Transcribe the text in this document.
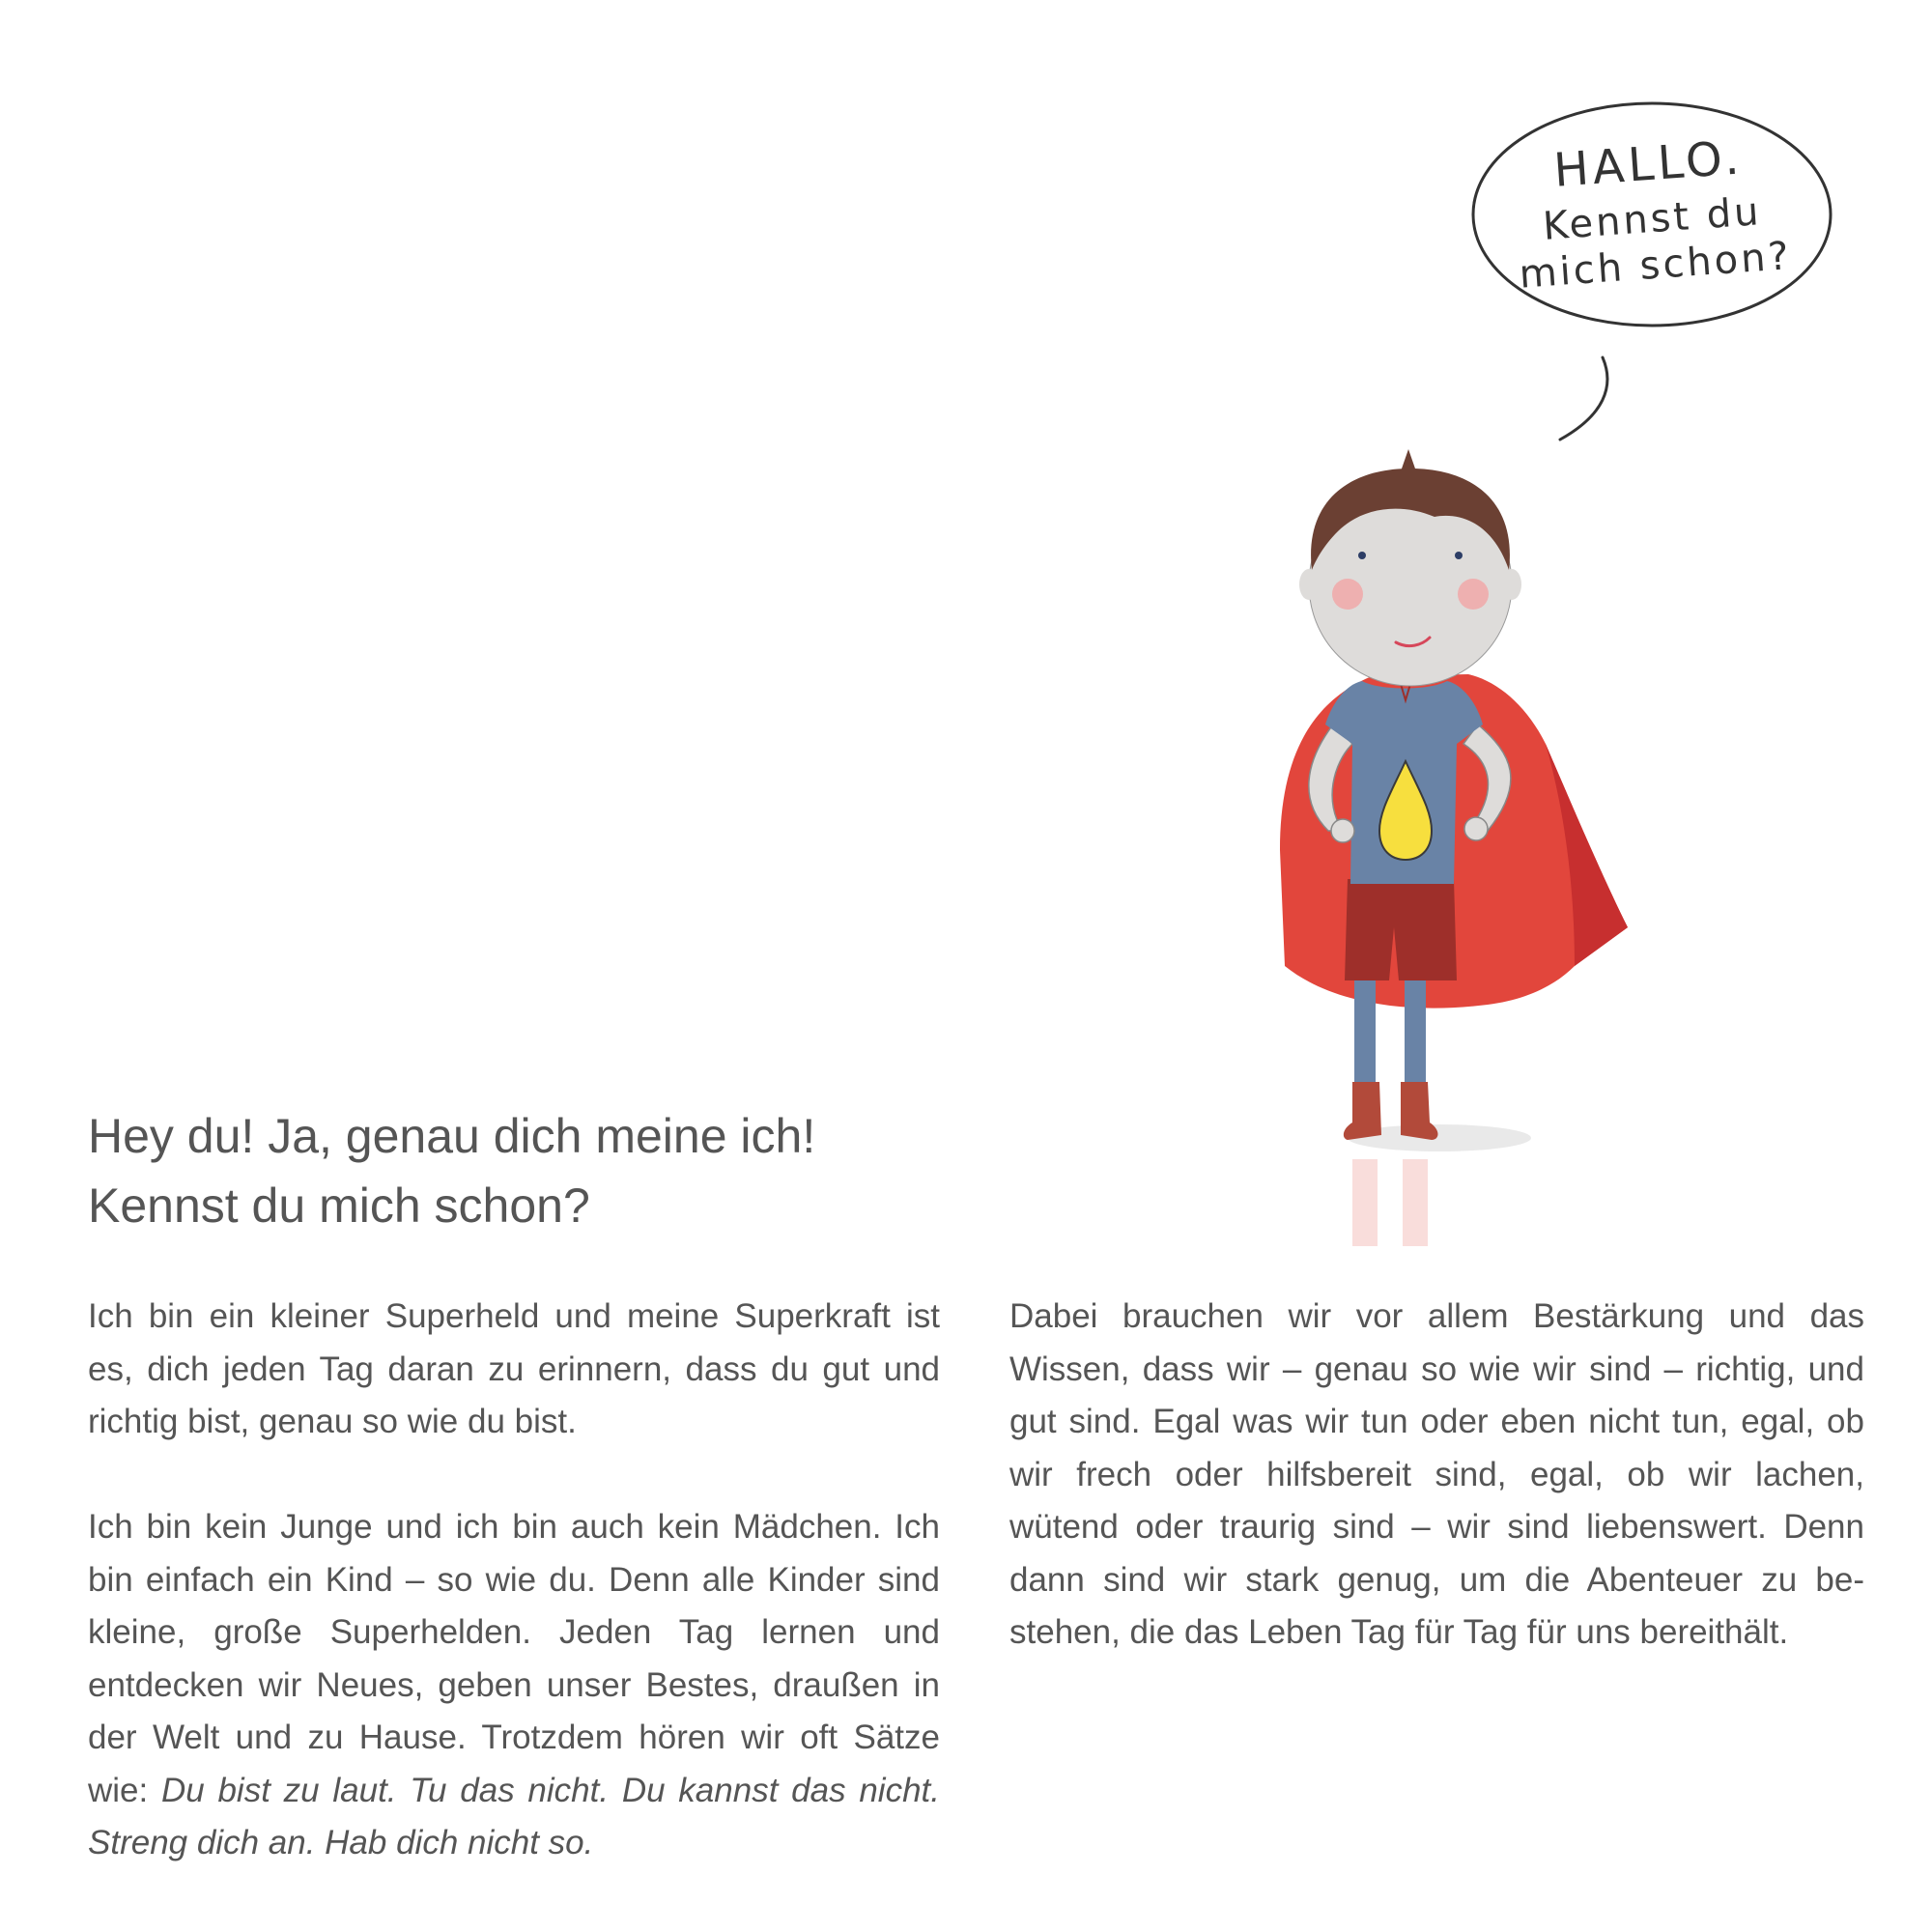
HALLO.
Kennst du
mich schon?
Hey du! Ja, genau dich meine ich!
Kennst du mich schon?

Ich bin ein kleiner Superheld und meine Superkraft ist es, dich jeden Tag daran zu erinnern, dass du gut und richtig bist, genau so wie du bist.

Ich bin kein Junge und ich bin auch kein Mädchen. Ich bin einfach ein Kind – so wie du. Denn alle Kinder sind kleine, große Superhelden. Jeden Tag lernen und entdecken wir Neues, geben unser Bestes, draußen in der Welt und zu Hause. Trotzdem hören wir oft Sätze wie: Du bist zu laut. Tu das nicht. Du kannst das nicht. Streng dich an. Hab dich nicht so.

Dabei brauchen wir vor allem Bestärkung und das Wissen, dass wir – genau so wie wir sind – richtig, und gut sind. Egal was wir tun oder eben nicht tun, egal, ob wir frech oder hilfsbereit sind, egal, ob wir lachen, wütend oder traurig sind – wir sind liebenswert. Denn dann sind wir stark genug, um die Abenteuer zu bestehen, die das Leben Tag für Tag für uns bereithält.
